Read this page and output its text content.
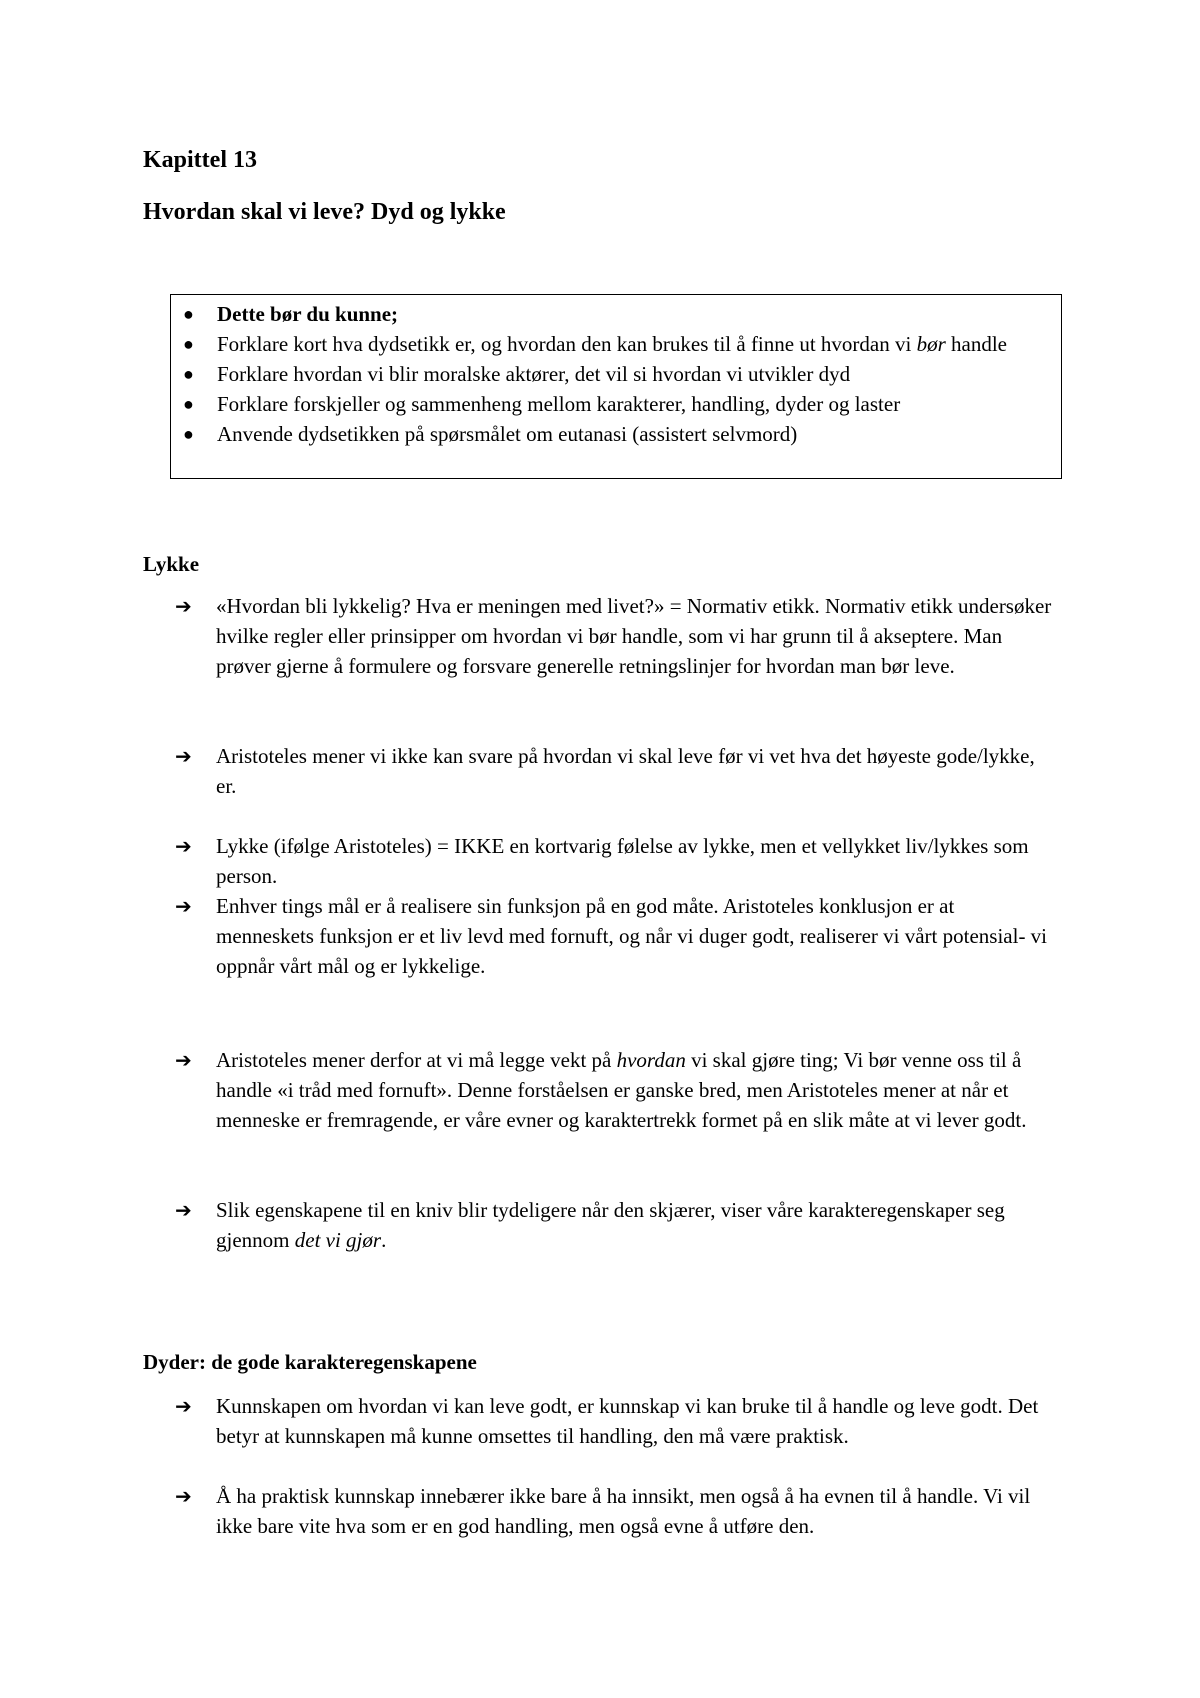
Kapittel 13
Hvordan skal vi leve? Dyd og lykke
● Dette bør du kunne;
● Forklare kort hva dydsetikk er, og hvordan den kan brukes til å finne ut hvordan vi bør handle
● Forklare hvordan vi blir moralske aktører, det vil si hvordan vi utvikler dyd
● Forklare forskjeller og sammenheng mellom karakterer, handling, dyder og laster
● Anvende dydsetikken på spørsmålet om eutanasi (assistert selvmord)
Lykke
➔ «Hvordan bli lykkelig? Hva er meningen med livet?» = Normativ etikk. Normativ etikk undersøker hvilke regler eller prinsipper om hvordan vi bør handle, som vi har grunn til å akseptere. Man prøver gjerne å formulere og forsvare generelle retningslinjer for hvordan man bør leve.
➔ Aristoteles mener vi ikke kan svare på hvordan vi skal leve før vi vet hva det høyeste gode/lykke, er.
➔ Lykke (ifølge Aristoteles) = IKKE en kortvarig følelse av lykke, men et vellykket liv/lykkes som person.
➔ Enhver tings mål er å realisere sin funksjon på en god måte. Aristoteles konklusjon er at menneskets funksjon er et liv levd med fornuft, og når vi duger godt, realiserer vi vårt potensial- vi oppnår vårt mål og er lykkelige.
➔ Aristoteles mener derfor at vi må legge vekt på hvordan vi skal gjøre ting; Vi bør venne oss til å handle «i tråd med fornuft». Denne forståelsen er ganske bred, men Aristoteles mener at når et menneske er fremragende, er våre evner og karaktertrekk formet på en slik måte at vi lever godt.
➔ Slik egenskapene til en kniv blir tydeligere når den skjærer, viser våre karakteregenskaper seg gjennom det vi gjør.
Dyder: de gode karakteregenskapene
➔ Kunnskapen om hvordan vi kan leve godt, er kunnskap vi kan bruke til å handle og leve godt. Det betyr at kunnskapen må kunne omsettes til handling, den må være praktisk.
➔ Å ha praktisk kunnskap innebærer ikke bare å ha innsikt, men også å ha evnen til å handle. Vi vil ikke bare vite hva som er en god handling, men også evne å utføre den.
